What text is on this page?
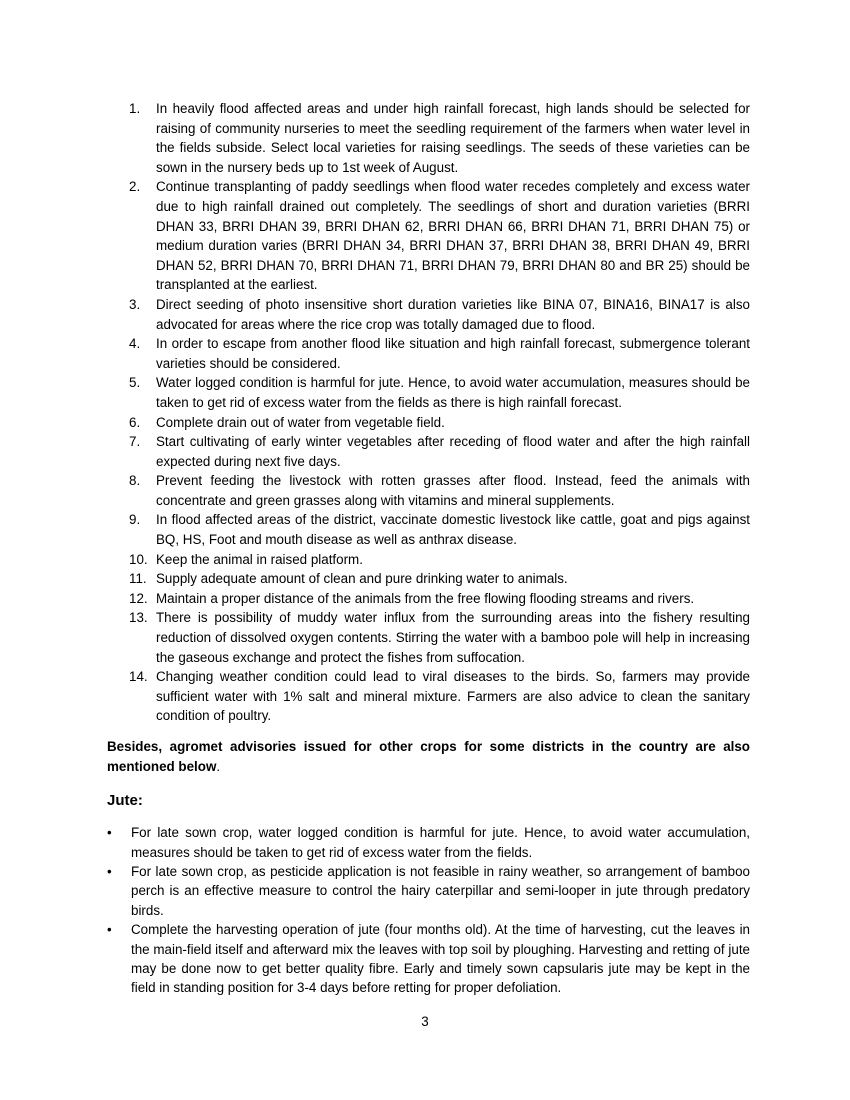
1. In heavily flood affected areas and under high rainfall forecast, high lands should be selected for raising of community nurseries to meet the seedling requirement of the farmers when water level in the fields subside. Select local varieties for raising seedlings. The seeds of these varieties can be sown in the nursery beds up to 1st week of August.
2. Continue transplanting of paddy seedlings when flood water recedes completely and excess water due to high rainfall drained out completely. The seedlings of short and duration varieties (BRRI DHAN 33, BRRI DHAN 39, BRRI DHAN 62, BRRI DHAN 66, BRRI DHAN 71, BRRI DHAN 75) or medium duration varies (BRRI DHAN 34, BRRI DHAN 37, BRRI DHAN 38, BRRI DHAN 49, BRRI DHAN 52, BRRI DHAN 70, BRRI DHAN 71, BRRI DHAN 79, BRRI DHAN 80 and BR 25) should be transplanted at the earliest.
3. Direct seeding of photo insensitive short duration varieties like BINA 07, BINA16, BINA17 is also advocated for areas where the rice crop was totally damaged due to flood.
4. In order to escape from another flood like situation and high rainfall forecast, submergence tolerant varieties should be considered.
5. Water logged condition is harmful for jute. Hence, to avoid water accumulation, measures should be taken to get rid of excess water from the fields as there is high rainfall forecast.
6. Complete drain out of water from vegetable field.
7. Start cultivating of early winter vegetables after receding of flood water and after the high rainfall expected during next five days.
8. Prevent feeding the livestock with rotten grasses after flood. Instead, feed the animals with concentrate and green grasses along with vitamins and mineral supplements.
9. In flood affected areas of the district, vaccinate domestic livestock like cattle, goat and pigs against BQ, HS, Foot and mouth disease as well as anthrax disease.
10. Keep the animal in raised platform.
11. Supply adequate amount of clean and pure drinking water to animals.
12. Maintain a proper distance of the animals from the free flowing flooding streams and rivers.
13. There is possibility of muddy water influx from the surrounding areas into the fishery resulting reduction of dissolved oxygen contents. Stirring the water with a bamboo pole will help in increasing the gaseous exchange and protect the fishes from suffocation.
14. Changing weather condition could lead to viral diseases to the birds. So, farmers may provide sufficient water with 1% salt and mineral mixture. Farmers are also advice to clean the sanitary condition of poultry.

Besides, agromet advisories issued for other crops for some districts in the country are also mentioned below.

Jute:
• For late sown crop, water logged condition is harmful for jute. Hence, to avoid water accumulation, measures should be taken to get rid of excess water from the fields.
• For late sown crop, as pesticide application is not feasible in rainy weather, so arrangement of bamboo perch is an effective measure to control the hairy caterpillar and semi-looper in jute through predatory birds.
• Complete the harvesting operation of jute (four months old). At the time of harvesting, cut the leaves in the main-field itself and afterward mix the leaves with top soil by ploughing. Harvesting and retting of jute may be done now to get better quality fibre. Early and timely sown capsularis jute may be kept in the field in standing position for 3-4 days before retting for proper defoliation.
3
